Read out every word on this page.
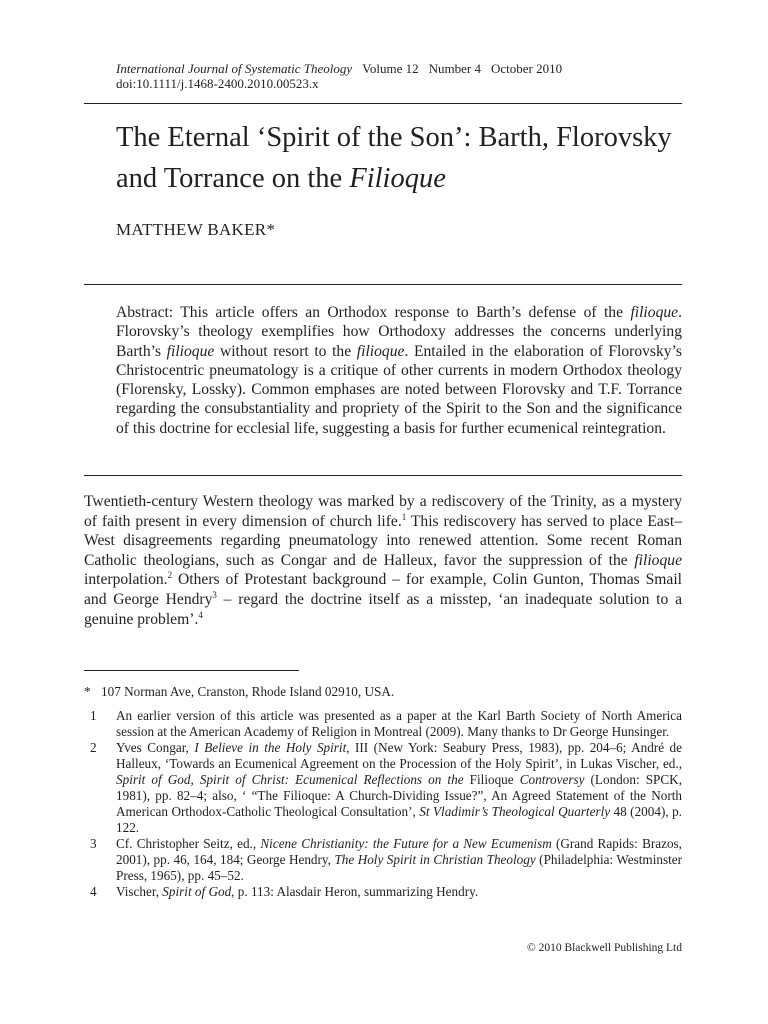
International Journal of Systematic Theology Volume 12 Number 4 October 2010
doi:10.1111/j.1468-2400.2010.00523.x
The Eternal ‘Spirit of the Son’: Barth, Florovsky and Torrance on the Filioque
MATTHEW BAKER*
Abstract: This article offers an Orthodox response to Barth’s defense of the filioque. Florovsky’s theology exemplifies how Orthodoxy addresses the concerns underlying Barth’s filioque without resort to the filioque. Entailed in the elaboration of Florovsky’s Christocentric pneumatology is a critique of other currents in modern Orthodox theology (Florensky, Lossky). Common emphases are noted between Florovsky and T.F. Torrance regarding the consubstantiality and propriety of the Spirit to the Son and the significance of this doctrine for ecclesial life, suggesting a basis for further ecumenical reintegration.
Twentieth-century Western theology was marked by a rediscovery of the Trinity, as a mystery of faith present in every dimension of church life.$^1$ This rediscovery has served to place East–West disagreements regarding pneumatology into renewed attention. Some recent Roman Catholic theologians, such as Congar and de Halleux, favor the suppression of the filioque interpolation.$^2$ Others of Protestant background – for example, Colin Gunton, Thomas Smail and George Hendry$^3$ – regard the doctrine itself as a misstep, ‘an inadequate solution to a genuine problem’.$^4$
* 107 Norman Ave, Cranston, Rhode Island 02910, USA.
1 An earlier version of this article was presented as a paper at the Karl Barth Society of North America session at the American Academy of Religion in Montreal (2009). Many thanks to Dr George Hunsinger.
2 Yves Congar, I Believe in the Holy Spirit, III (New York: Seabury Press, 1983), pp. 204–6; André de Halleux, ‘Towards an Ecumenical Agreement on the Procession of the Holy Spirit’, in Lukas Vischer, ed., Spirit of God, Spirit of Christ: Ecumenical Reflections on the Filioque Controversy (London: SPCK, 1981), pp. 82–4; also, ‘ “The Filioque: A Church-Dividing Issue?”, An Agreed Statement of the North American Orthodox-Catholic Theological Consultation’, St Vladimir’s Theological Quarterly 48 (2004), p. 122.
3 Cf. Christopher Seitz, ed., Nicene Christianity: the Future for a New Ecumenism (Grand Rapids: Brazos, 2001), pp. 46, 164, 184; George Hendry, The Holy Spirit in Christian Theology (Philadelphia: Westminster Press, 1965), pp. 45–52.
4 Vischer, Spirit of God, p. 113: Alasdair Heron, summarizing Hendry.
© 2010 Blackwell Publishing Ltd
